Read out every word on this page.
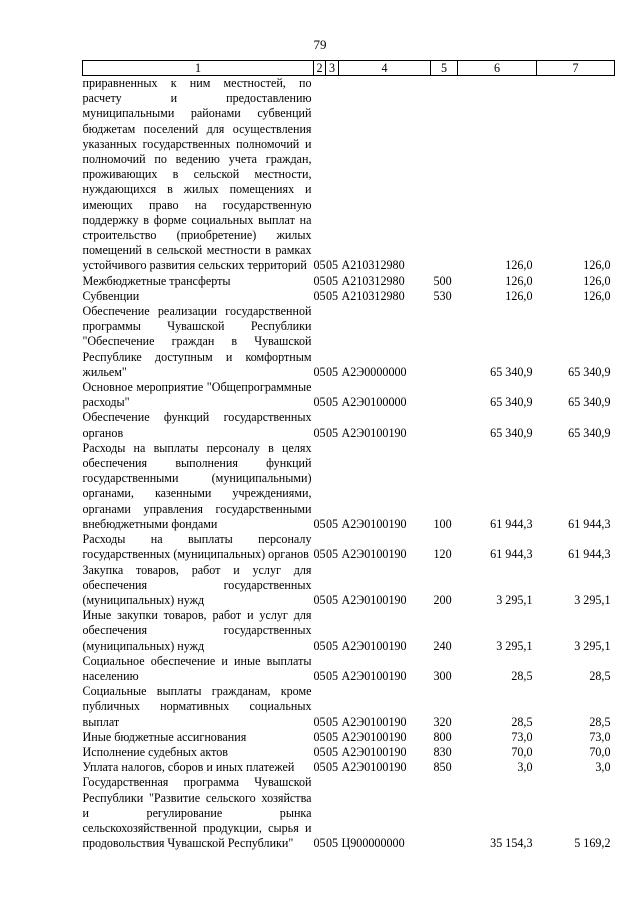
79
1	2	3	4	5	6	7
приравненных к ним местностей, по расчету и предоставлению муниципальными районами субвенций бюджетам поселений для осуществления указанных государственных полномочий и полномочий по ведению учета граждан, проживающих в сельской местности, нуждающихся в жилых помещениях и имеющих право на государственную поддержку в форме социальных выплат на строительство (приобретение) жилых помещений в сельской местности в рамках устойчивого развития сельских территорий	05	05	A210312980		126,0	126,0
Межбюджетные трансферты	05	05	A210312980	500	126,0	126,0
Субвенции	05	05	A210312980	530	126,0	126,0
Обеспечение реализации государственной программы Чувашской Республики "Обеспечение граждан в Чувашской Республике доступным и комфортным жильем"	05	05	A2Э0000000		65 340,9	65 340,9
Основное мероприятие "Общепрограммные расходы"	05	05	A2Э0100000		65 340,9	65 340,9
Обеспечение функций государственных органов	05	05	A2Э0100190		65 340,9	65 340,9
Расходы на выплаты персоналу в целях обеспечения выполнения функций государственными (муниципальными) органами, казенными учреждениями, органами управления государственными внебюджетными фондами	05	05	A2Э0100190	100	61 944,3	61 944,3
Расходы на выплаты персоналу государственных (муниципальных) органов	05	05	A2Э0100190	120	61 944,3	61 944,3
Закупка товаров, работ и услуг для обеспечения государственных (муниципальных) нужд	05	05	A2Э0100190	200	3 295,1	3 295,1
Иные закупки товаров, работ и услуг для обеспечения государственных (муниципальных) нужд	05	05	A2Э0100190	240	3 295,1	3 295,1
Социальное обеспечение и иные выплаты населению	05	05	A2Э0100190	300	28,5	28,5
Социальные выплаты гражданам, кроме публичных нормативных социальных выплат	05	05	A2Э0100190	320	28,5	28,5
Иные бюджетные ассигнования	05	05	A2Э0100190	800	73,0	73,0
Исполнение судебных актов	05	05	A2Э0100190	830	70,0	70,0
Уплата налогов, сборов и иных платежей	05	05	A2Э0100190	850	3,0	3,0
Государственная программа Чувашской Республики "Развитие сельского хозяйства и регулирование рынка сельскохозяйственной продукции, сырья и продовольствия Чувашской Республики"	05	05	Ц900000000		35 154,3	5 169,2
